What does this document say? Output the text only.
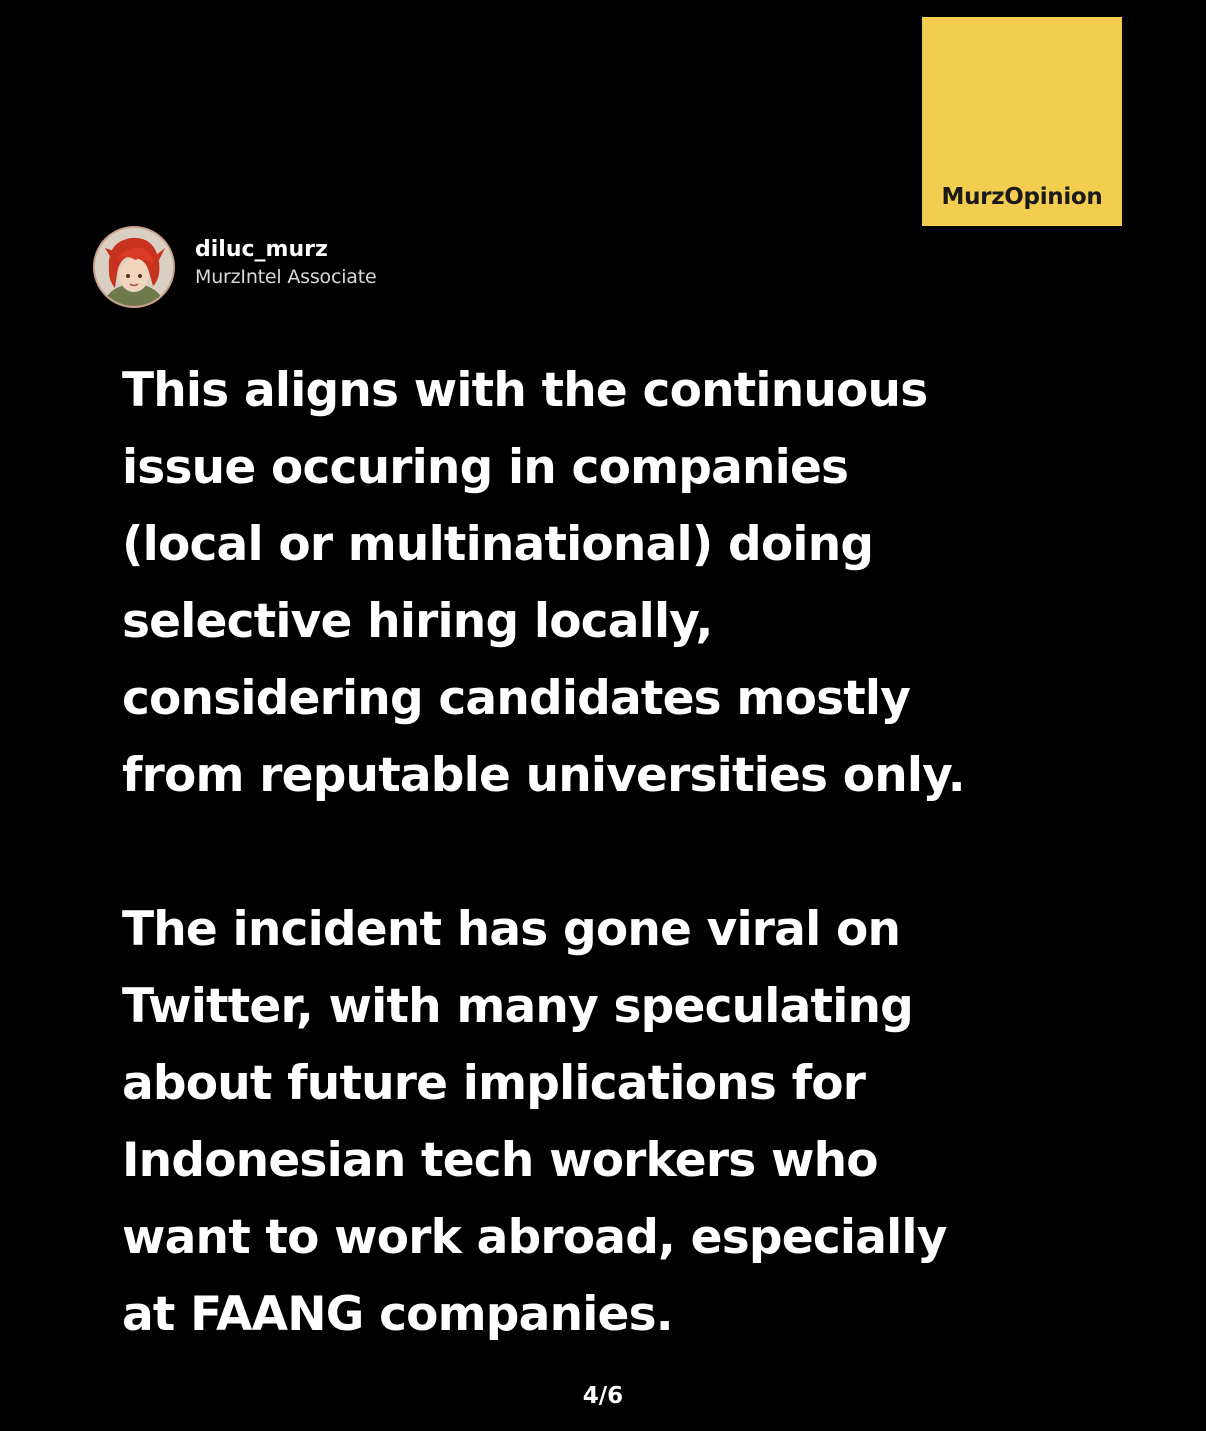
MurzOpinion
diluc_murz
MurzIntel Associate

This aligns with the continuous
issue occuring in companies
(local or multinational) doing
selective hiring locally,
considering candidates mostly
from reputable universities only.

The incident has gone viral on
Twitter, with many speculating
about future implications for
Indonesian tech workers who
want to work abroad, especially
at FAANG companies.

4/6
